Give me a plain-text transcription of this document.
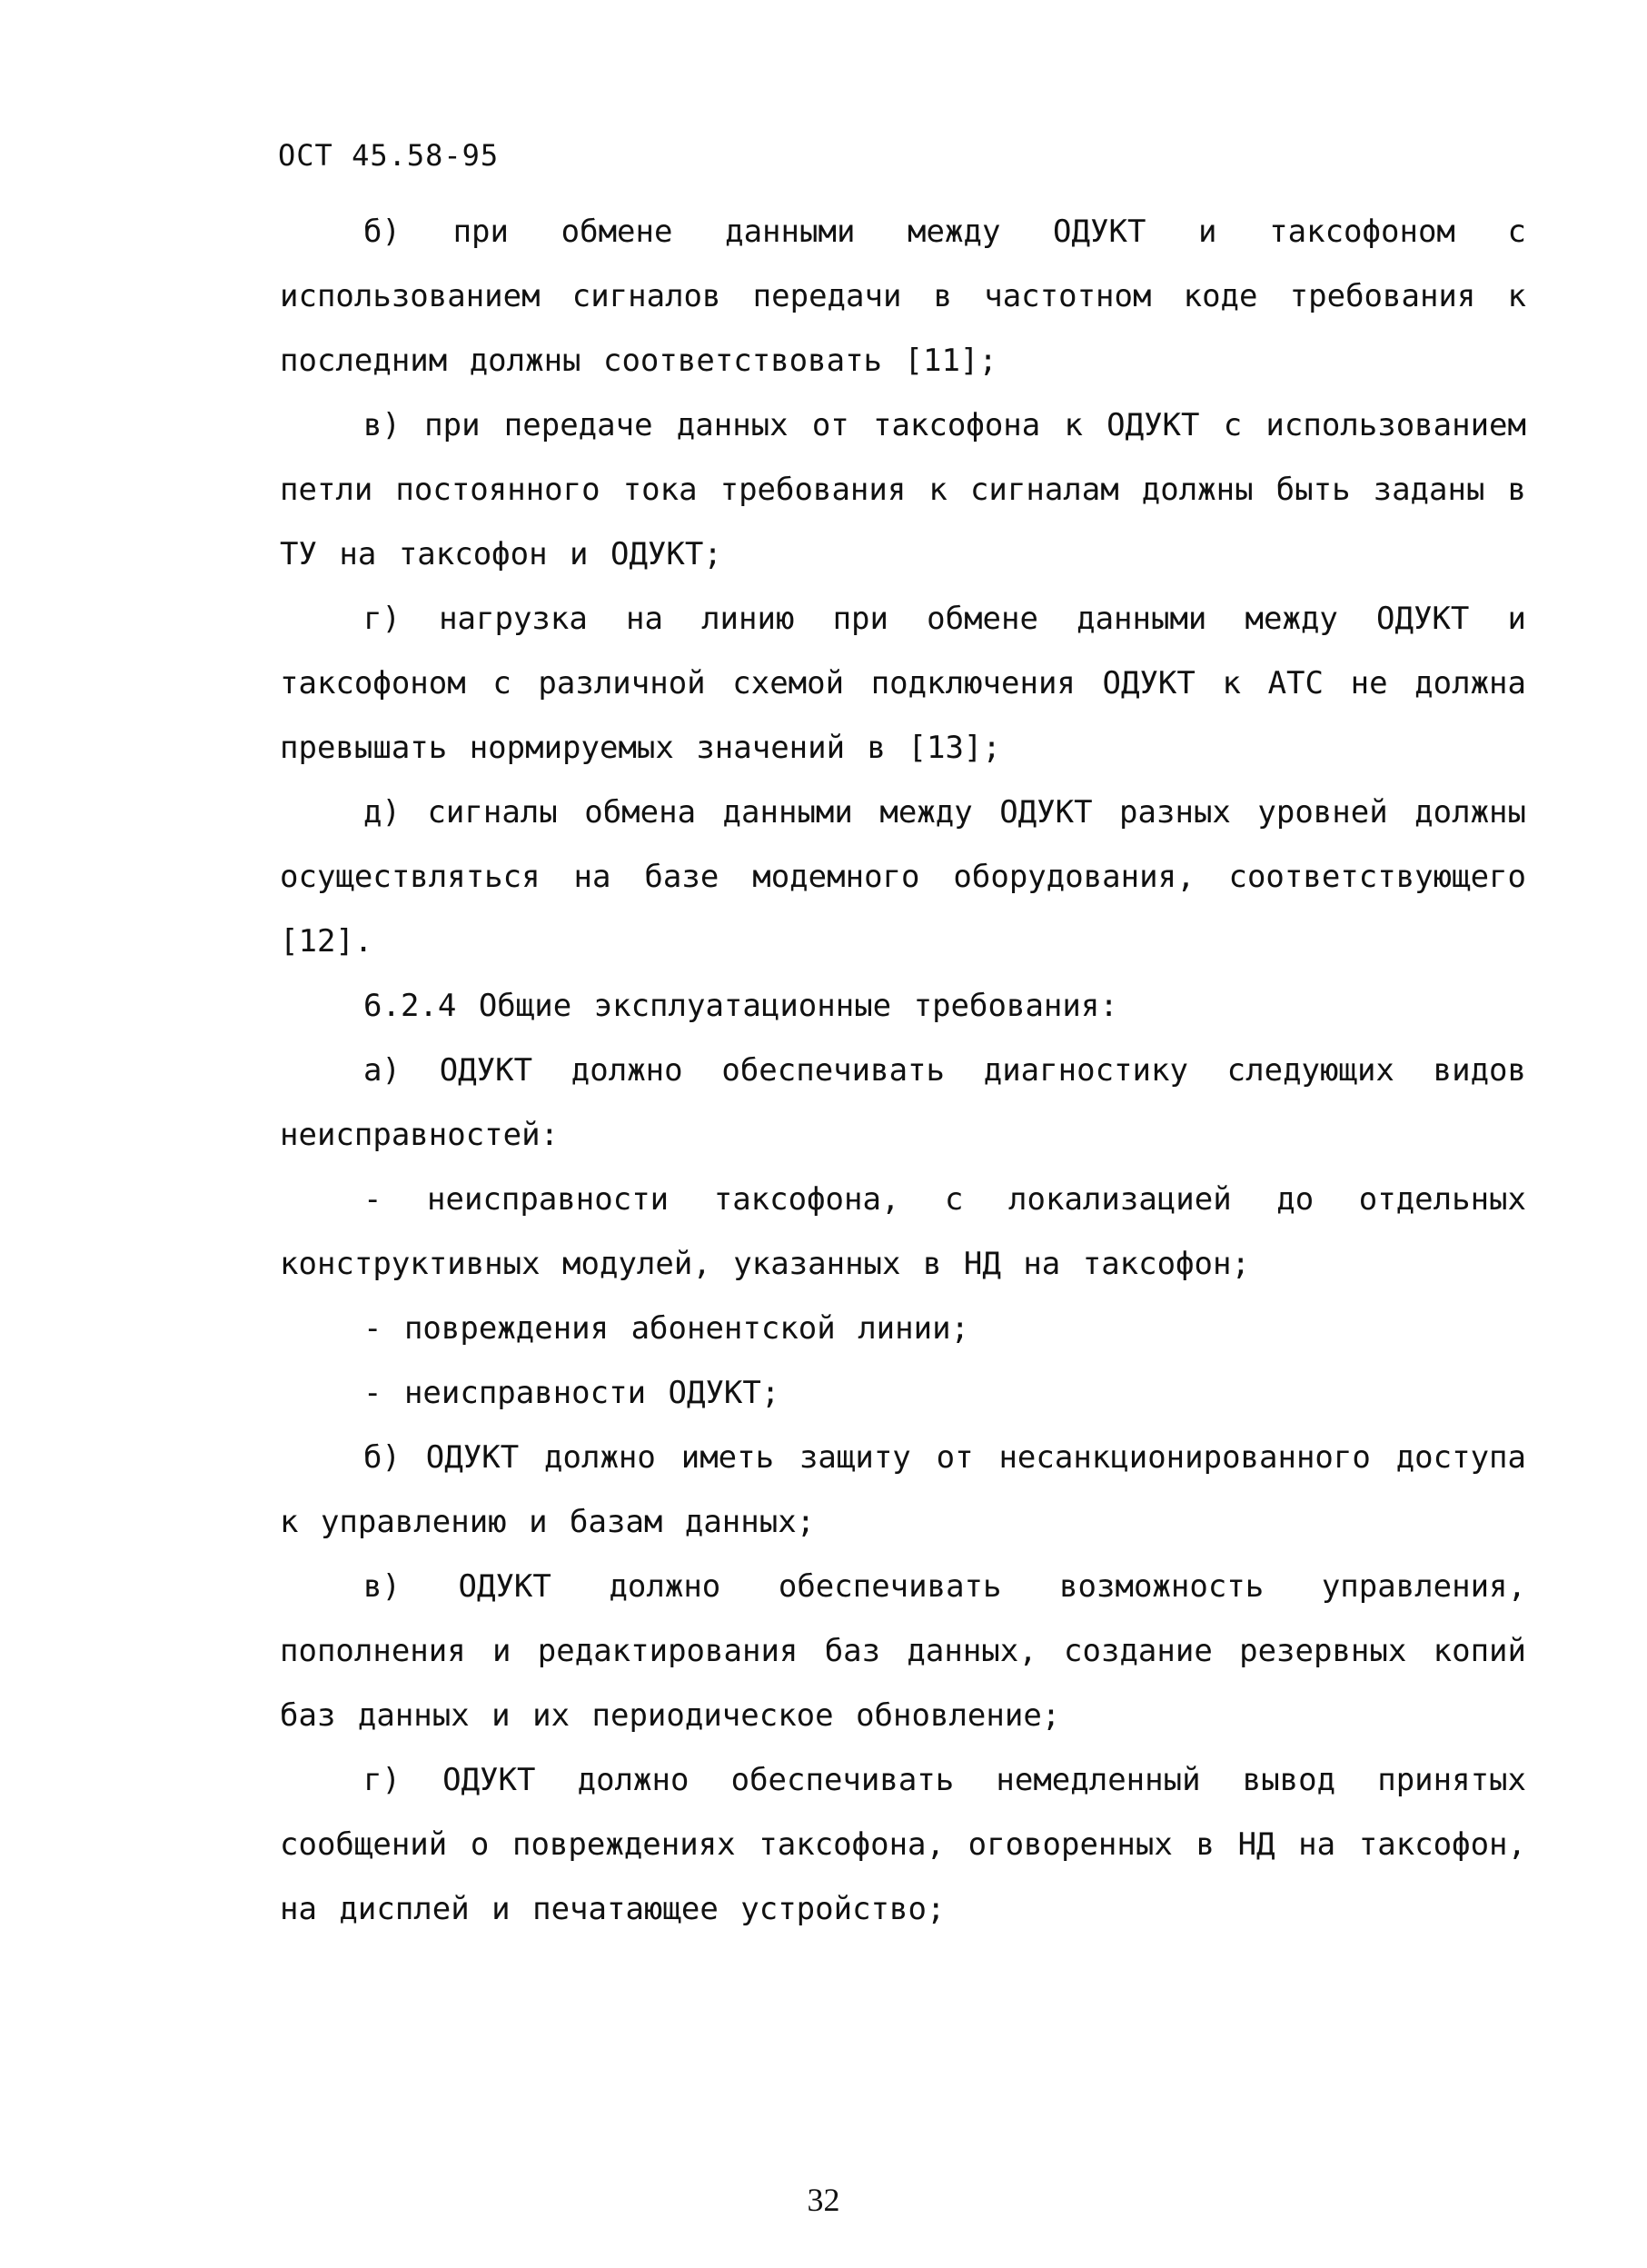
ОСТ 45.58-95

б) при обмене данными между ОДУКТ и таксофоном с использованием сигналов передачи в частотном коде требования к последним должны соответствовать [11];

в) при передаче данных от таксофона к ОДУКТ с использованием петли постоянного тока требования к сигналам должны быть заданы в ТУ на таксофон и ОДУКТ;

г) нагрузка на линию при обмене данными между ОДУКТ и таксофоном с различной схемой подключения ОДУКТ к АТС не должна превышать нормируемых значений в [13];

д) сигналы обмена данными между ОДУКТ разных уровней должны осуществляться на базе модемного оборудования, соответствующего [12].

6.2.4 Общие эксплуатационные требования:

а) ОДУКТ должно обеспечивать диагностику следующих видов неисправностей:

- неисправности таксофона, с локализацией до отдельных конструктивных модулей, указанных в НД на таксофон;

- повреждения абонентской линии;

- неисправности ОДУКТ;

б) ОДУКТ должно иметь защиту от несанкционированного доступа к управлению и базам данных;

в) ОДУКТ должно обеспечивать возможность управления, пополнения и редактирования баз данных, создание резервных копий баз данных и их периодическое обновление;

г) ОДУКТ должно обеспечивать немедленный вывод принятых сообщений о повреждениях таксофона, оговоренных в НД на таксофон, на дисплей и печатающее устройство;

32
